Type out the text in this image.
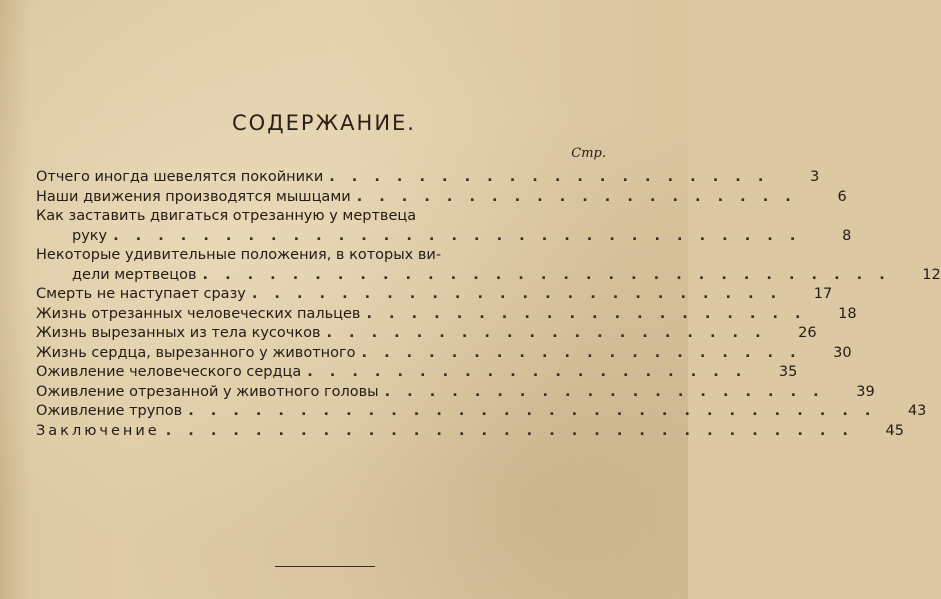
СОДЕРЖАНИЕ.
Стр.
Отчего иногда шевелятся покойники . . . . . . . . . . . . . . . . . . . .	3
Наши движения производятся мышцами . . . . . . . . . . . . . . . . . . . .	6
Как заставить двигаться отрезанную у мертвеца
руку . . . . . . . . . . . . . . . . . . . . . . . . . . . . . . .	8
Некоторые удивительные положения, в которых ви-
дели мертвецов . . . . . . . . . . . . . . . . . . . . . . . . . . . . . . .	12
Смерть не наступает сразу . . . . . . . . . . . . . . . . . . . . . . . .	17
Жизнь отрезанных человеческих пальцев . . . . . . . . . . . . . . . . . . . .	18
Жизнь вырезанных из тела кусочков . . . . . . . . . . . . . . . . . . . .	26
Жизнь сердца, вырезанного у животного . . . . . . . . . . . . . . . . . . . .	30
Оживление человеческого сердца . . . . . . . . . . . . . . . . . . . .	35
Оживление отрезанной у животного головы . . . . . . . . . . . . . . . . . . . .	39
Оживление трупов . . . . . . . . . . . . . . . . . . . . . . . . . . . . . . .	43
Заключение . . . . . . . . . . . . . . . . . . . . . . . . . . . . . . .	45
